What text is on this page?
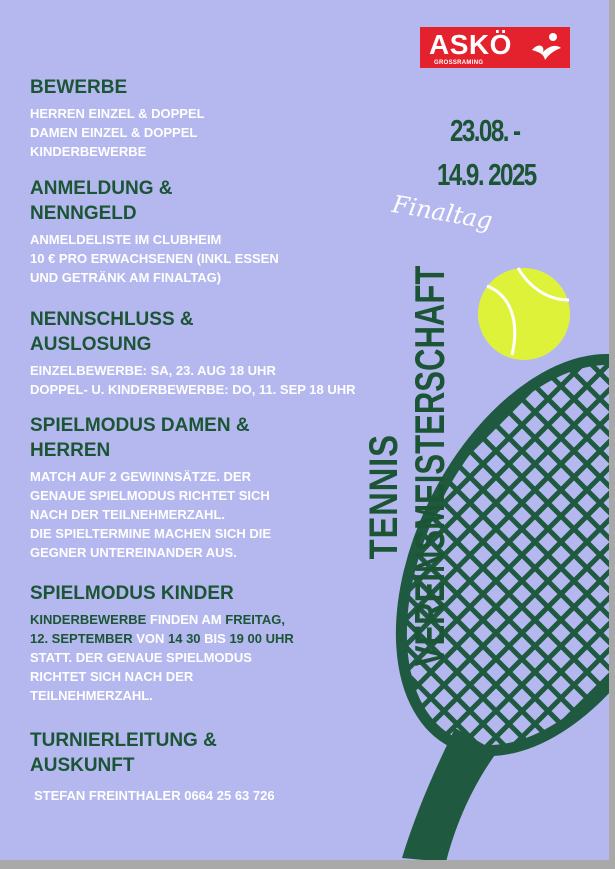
ASKÖ
GROSSRAMING
23.08. -
14.9. 2025
Finaltag
TENNIS VEREINSMEISTERSCHAFT

BEWERBE

HERREN EINZEL & DOPPEL
DAMEN EINZEL & DOPPEL
KINDERBEWERBE

ANMELDUNG &

NENNGELD

ANMELDELISTE IM CLUBHEIM
10 € PRO ERWACHSENEN (INKL ESSEN
UND GETRÄNK AM FINALTAG)

NENNSCHLUSS &

AUSLOSUNG

EINZELBEWERBE: SA, 23. AUG 18 UHR
DOPPEL- U. KINDERBEWERBE: DO, 11. SEP 18 UHR

SPIELMODUS DAMEN &

HERREN

MATCH AUF 2 GEWINNSÄTZE. DER
GENAUE SPIELMODUS RICHTET SICH
NACH DER TEILNEHMERZAHL.
DIE SPIELTERMINE MACHEN SICH DIE
GEGNER UNTEREINANDER AUS.

SPIELMODUS KINDER

KINDERBEWERBE FINDEN AM FREITAG,
12. SEPTEMBER VON 14 30 BIS 19 00 UHR
STATT. DER GENAUE SPIELMODUS
RICHTET SICH NACH DER
TEILNEHMERZAHL.

TURNIERLEITUNG &

AUSKUNFT

STEFAN FREINTHALER 0664 25 63 726
